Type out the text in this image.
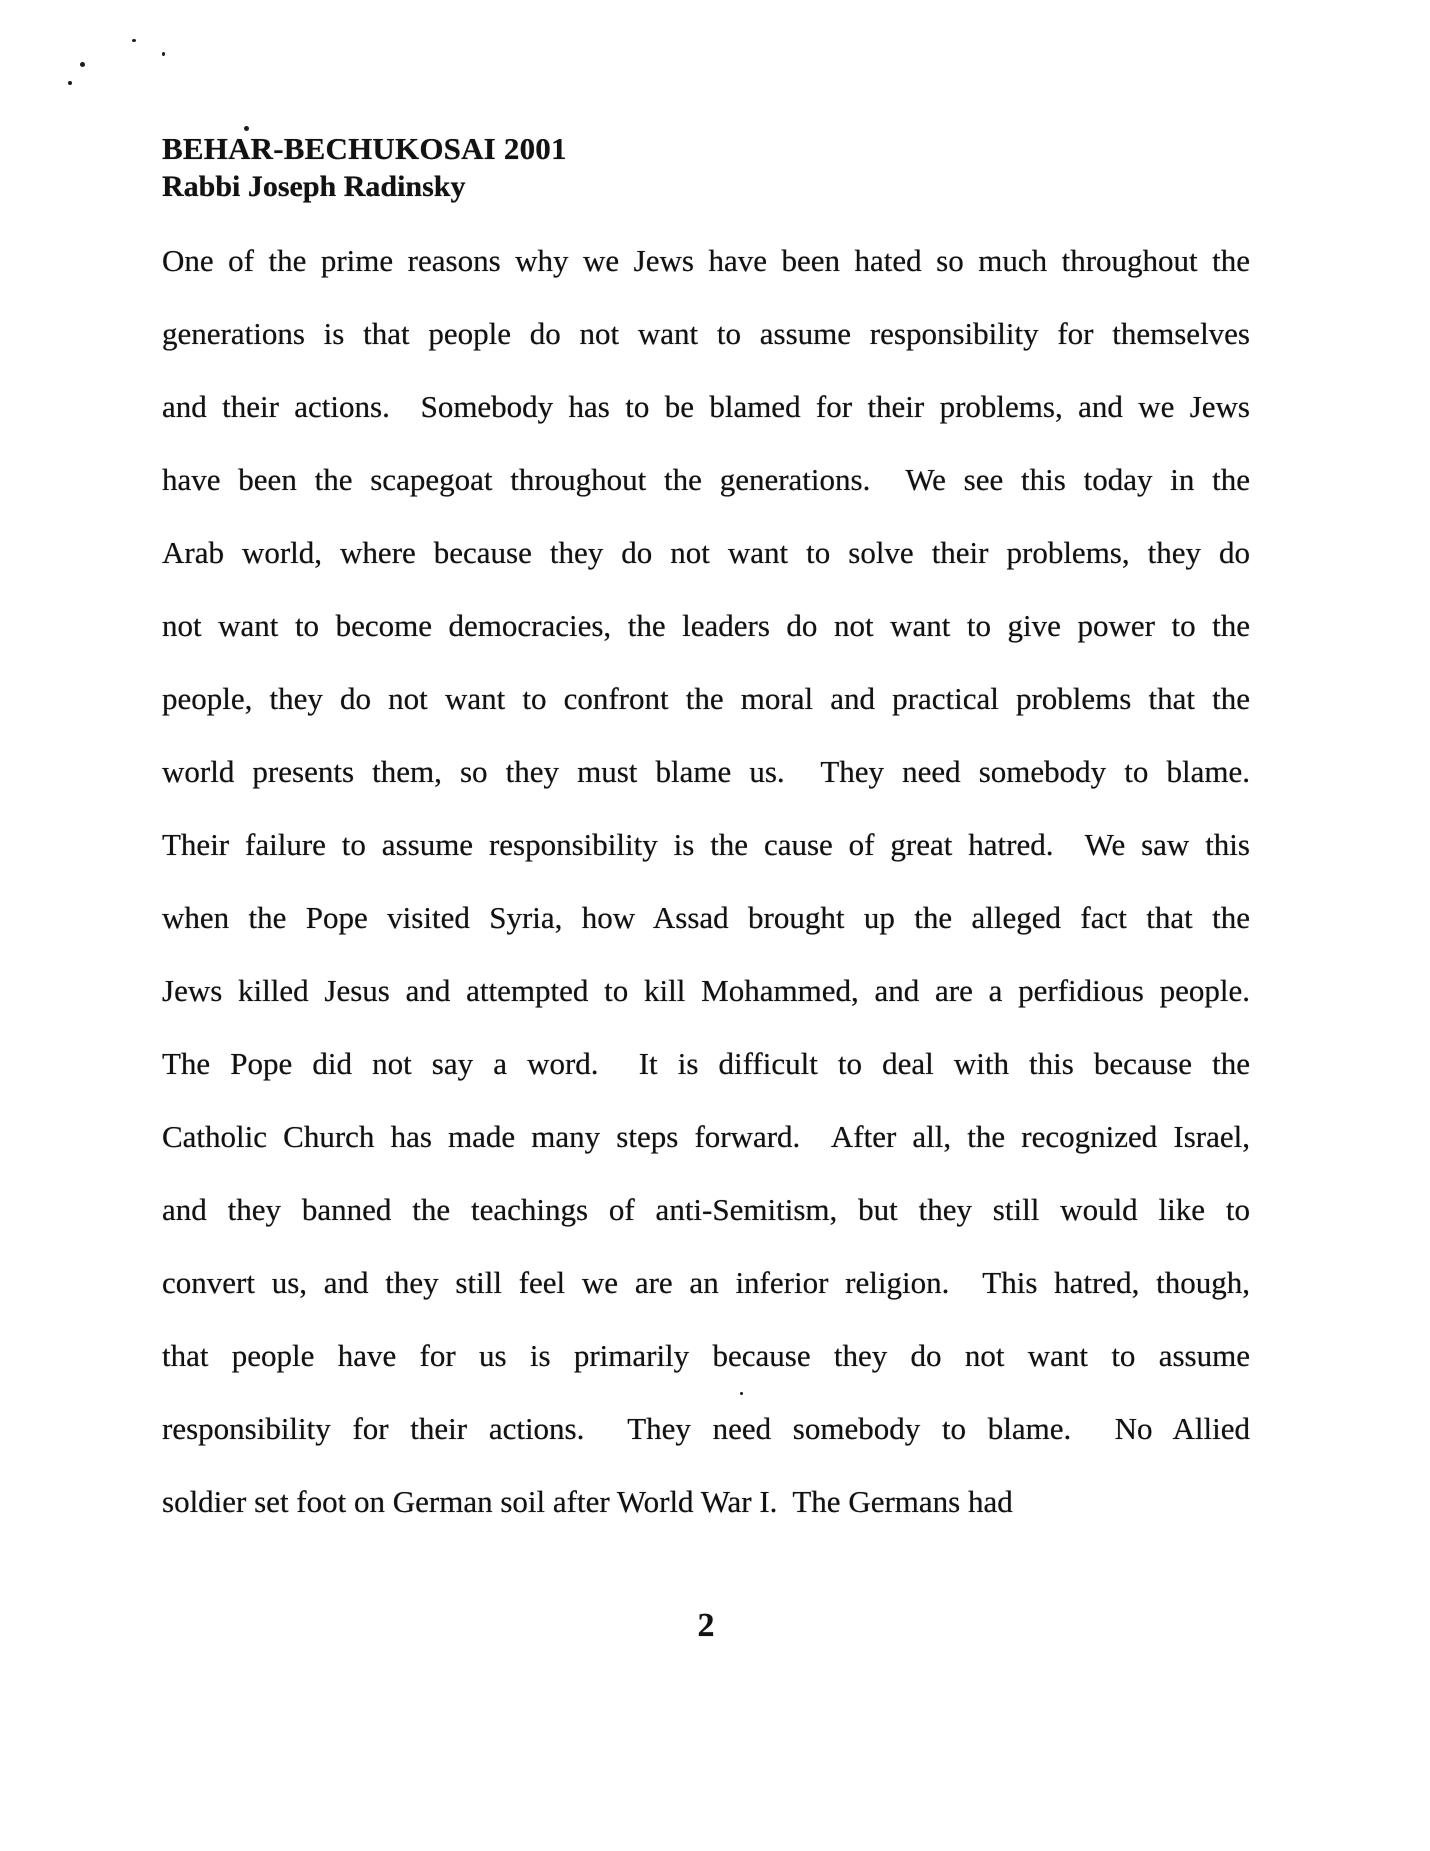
BEHAR-BECHUKOSAI 2001
Rabbi Joseph Radinsky
One of the prime reasons why we Jews have been hated so much throughout the
generations is that people do not want to assume responsibility for themselves
and their actions.  Somebody has to be blamed for their problems, and we Jews
have been the scapegoat throughout the generations.  We see this today in the
Arab world, where because they do not want to solve their problems, they do
not want to become democracies, the leaders do not want to give power to the
people, they do not want to confront the moral and practical problems that the
world presents them, so they must blame us.  They need somebody to blame.
Their failure to assume responsibility is the cause of great hatred.  We saw this
when the Pope visited Syria, how Assad brought up the alleged fact that the
Jews killed Jesus and attempted to kill Mohammed, and are a perfidious people.
The Pope did not say a word.  It is difficult to deal with this because the
Catholic Church has made many steps forward.  After all, the recognized Israel,
and they banned the teachings of anti-Semitism, but they still would like to
convert us, and they still feel we are an inferior religion.  This hatred, though,
that people have for us is primarily because they do not want to assume
responsibility for their actions.  They need somebody to blame.  No Allied
soldier set foot on German soil after World War I.  The Germans had
2
